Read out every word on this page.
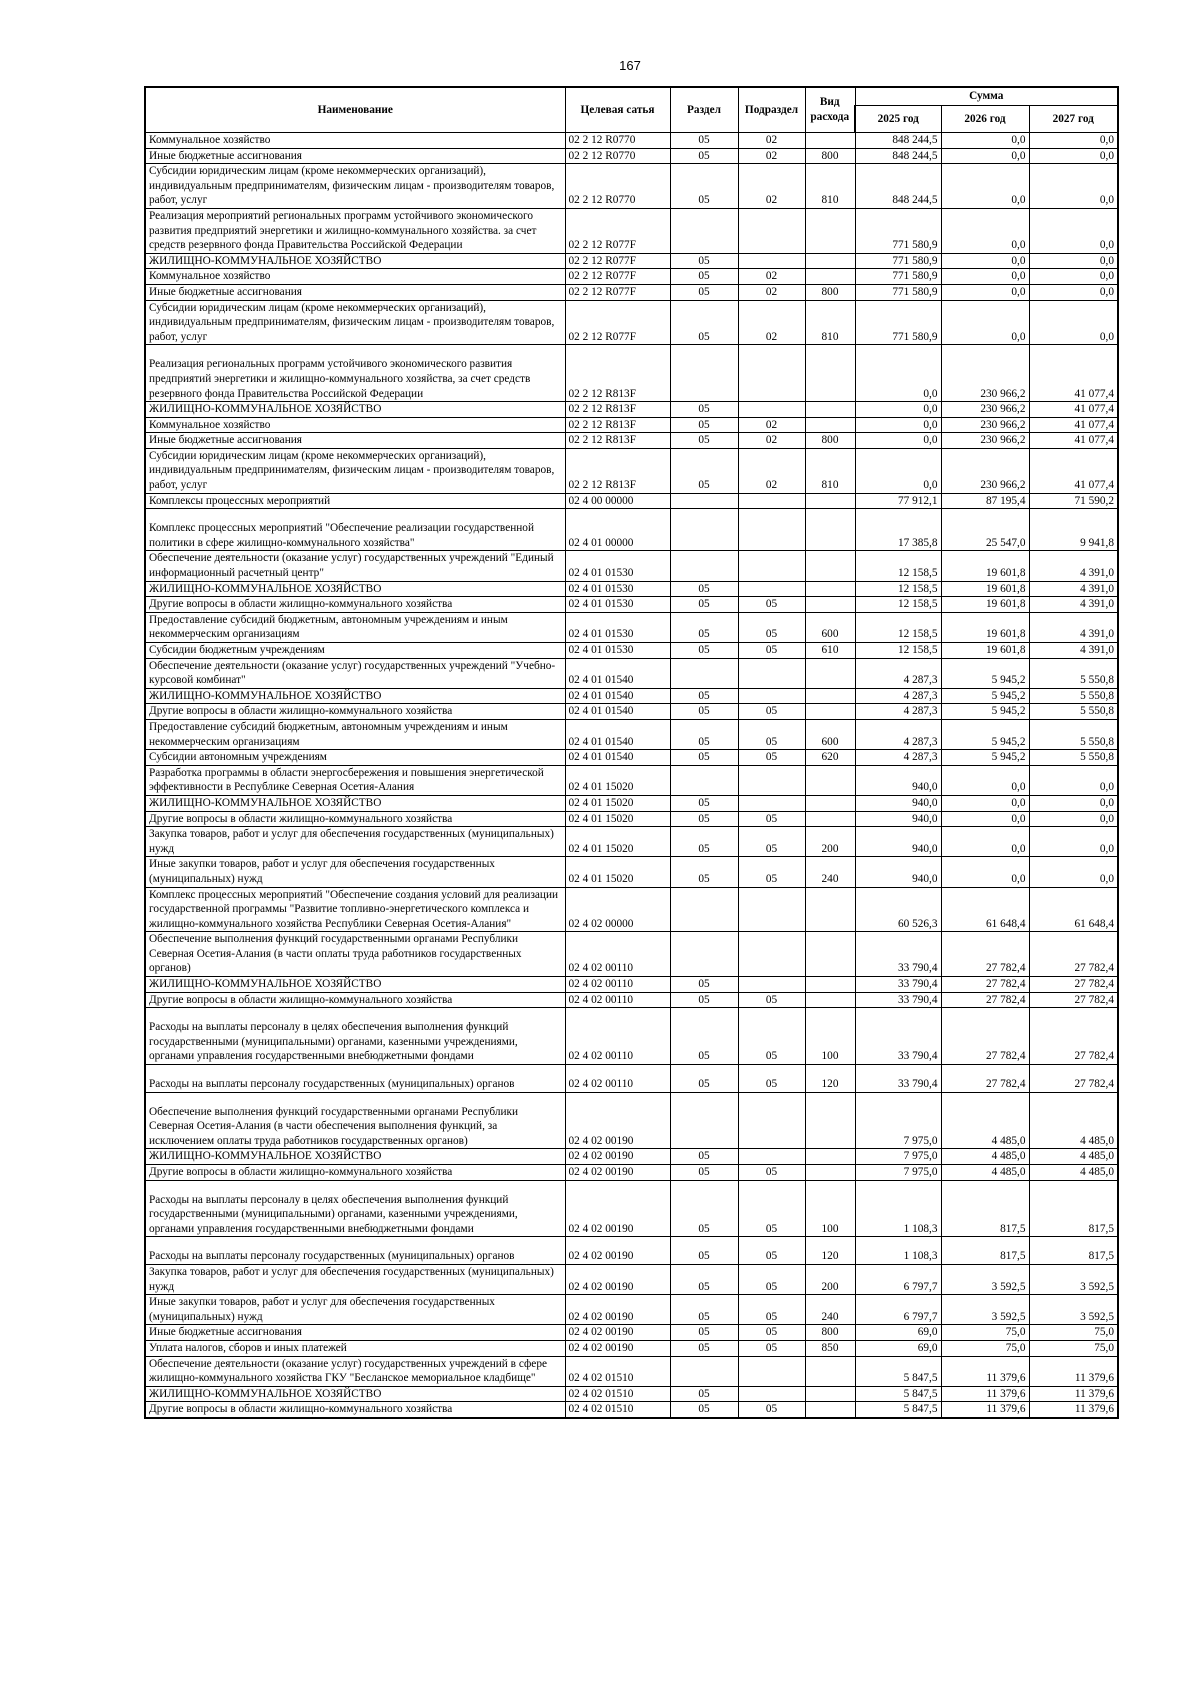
167
Наименование	Целевая сатья	Раздел	Подраздел	Вид расхода	Сумма		
					2025 год	2026 год	2027 год
Коммунальное хозяйство	02 2 12 R0770	05	02		848 244,5	0,0	0,0
Иные бюджетные ассигнования	02 2 12 R0770	05	02	800	848 244,5	0,0	0,0
Субсидии юридическим лицам (кроме некоммерческих организаций), индивидуальным предпринимателям, физическим лицам - производителям товаров, работ, услуг	02 2 12 R0770	05	02	810	848 244,5	0,0	0,0
Реализация мероприятий региональных программ устойчивого экономического развития предприятий энергетики и жилищно-коммунального хозяйства. за счет средств резервного фонда Правительства Российской Федерации	02 2 12 R077F				771 580,9	0,0	0,0
ЖИЛИЩНО-КОММУНАЛЬНОЕ ХОЗЯЙСТВО	02 2 12 R077F	05			771 580,9	0,0	0,0
Коммунальное хозяйство	02 2 12 R077F	05	02		771 580,9	0,0	0,0
Иные бюджетные ассигнования	02 2 12 R077F	05	02	800	771 580,9	0,0	0,0
Субсидии юридическим лицам (кроме некоммерческих организаций), индивидуальным предпринимателям, физическим лицам - производителям товаров, работ, услуг	02 2 12 R077F	05	02	810	771 580,9	0,0	0,0
Реализация региональных программ устойчивого экономического развития предприятий энергетики и жилищно-коммунального хозяйства, за счет средств резервного фонда Правительства Российской Федерации	02 2 12 R813F				0,0	230 966,2	41 077,4
ЖИЛИЩНО-КОММУНАЛЬНОЕ ХОЗЯЙСТВО	02 2 12 R813F	05			0,0	230 966,2	41 077,4
Коммунальное хозяйство	02 2 12 R813F	05	02		0,0	230 966,2	41 077,4
Иные бюджетные ассигнования	02 2 12 R813F	05	02	800	0,0	230 966,2	41 077,4
Субсидии юридическим лицам (кроме некоммерческих организаций), индивидуальным предпринимателям, физическим лицам - производителям товаров, работ, услуг	02 2 12 R813F	05	02	810	0,0	230 966,2	41 077,4
Комплексы процессных мероприятий	02 4 00 00000				77 912,1	87 195,4	71 590,2
Комплекс процессных мероприятий "Обеспечение реализации государственной политики в сфере жилищно-коммунального хозяйства"	02 4 01 00000				17 385,8	25 547,0	9 941,8
Обеспечение деятельности (оказание услуг) государственных учреждений "Единый информационный расчетный центр"	02 4 01 01530				12 158,5	19 601,8	4 391,0
ЖИЛИЩНО-КОММУНАЛЬНОЕ ХОЗЯЙСТВО	02 4 01 01530	05			12 158,5	19 601,8	4 391,0
Другие вопросы в области жилищно-коммунального хозяйства	02 4 01 01530	05	05		12 158,5	19 601,8	4 391,0
Предоставление субсидий бюджетным, автономным учреждениям и иным некоммерческим организациям	02 4 01 01530	05	05	600	12 158,5	19 601,8	4 391,0
Субсидии бюджетным учреждениям	02 4 01 01530	05	05	610	12 158,5	19 601,8	4 391,0
Обеспечение деятельности (оказание услуг) государственных учреждений "Учебно-курсовой комбинат"	02 4 01 01540				4 287,3	5 945,2	5 550,8
ЖИЛИЩНО-КОММУНАЛЬНОЕ ХОЗЯЙСТВО	02 4 01 01540	05			4 287,3	5 945,2	5 550,8
Другие вопросы в области жилищно-коммунального хозяйства	02 4 01 01540	05	05		4 287,3	5 945,2	5 550,8
Предоставление субсидий бюджетным, автономным учреждениям и иным некоммерческим организациям	02 4 01 01540	05	05	600	4 287,3	5 945,2	5 550,8
Субсидии автономным учреждениям	02 4 01 01540	05	05	620	4 287,3	5 945,2	5 550,8
Разработка программы в области энергосбережения и повышения энергетической эффективности в Республике Северная Осетия-Алания	02 4 01 15020				940,0	0,0	0,0
ЖИЛИЩНО-КОММУНАЛЬНОЕ ХОЗЯЙСТВО	02 4 01 15020	05			940,0	0,0	0,0
Другие вопросы в области жилищно-коммунального хозяйства	02 4 01 15020	05	05		940,0	0,0	0,0
Закупка товаров, работ и услуг для обеспечения государственных (муниципальных) нужд	02 4 01 15020	05	05	200	940,0	0,0	0,0
Иные закупки товаров, работ и услуг для обеспечения государственных (муниципальных) нужд	02 4 01 15020	05	05	240	940,0	0,0	0,0
Комплекс процессных мероприятий "Обеспечение создания условий для реализации государственной программы "Развитие топливно-энергетического комплекса и жилищно-коммунального хозяйства Республики Северная Осетия-Алания"	02 4 02 00000				60 526,3	61 648,4	61 648,4
Обеспечение выполнения функций государственными органами Республики Северная Осетия-Алания (в части оплаты труда работников государственных органов)	02 4 02 00110				33 790,4	27 782,4	27 782,4
ЖИЛИЩНО-КОММУНАЛЬНОЕ ХОЗЯЙСТВО	02 4 02 00110	05			33 790,4	27 782,4	27 782,4
Другие вопросы в области жилищно-коммунального хозяйства	02 4 02 00110	05	05		33 790,4	27 782,4	27 782,4
Расходы на выплаты персоналу в целях обеспечения выполнения функций государственными (муниципальными) органами, казенными учреждениями, органами управления государственными внебюджетными фондами	02 4 02 00110	05	05	100	33 790,4	27 782,4	27 782,4
Расходы на выплаты персоналу государственных (муниципальных) органов	02 4 02 00110	05	05	120	33 790,4	27 782,4	27 782,4
Обеспечение выполнения функций государственными органами Республики Северная Осетия-Алания (в части обеспечения выполнения функций, за исключением оплаты труда работников государственных органов)	02 4 02 00190				7 975,0	4 485,0	4 485,0
ЖИЛИЩНО-КОММУНАЛЬНОЕ ХОЗЯЙСТВО	02 4 02 00190	05			7 975,0	4 485,0	4 485,0
Другие вопросы в области жилищно-коммунального хозяйства	02 4 02 00190	05	05		7 975,0	4 485,0	4 485,0
Расходы на выплаты персоналу в целях обеспечения выполнения функций государственными (муниципальными) органами, казенными учреждениями, органами управления государственными внебюджетными фондами	02 4 02 00190	05	05	100	1 108,3	817,5	817,5
Расходы на выплаты персоналу государственных (муниципальных) органов	02 4 02 00190	05	05	120	1 108,3	817,5	817,5
Закупка товаров, работ и услуг для обеспечения государственных (муниципальных) нужд	02 4 02 00190	05	05	200	6 797,7	3 592,5	3 592,5
Иные закупки товаров, работ и услуг для обеспечения государственных (муниципальных) нужд	02 4 02 00190	05	05	240	6 797,7	3 592,5	3 592,5
Иные бюджетные ассигнования	02 4 02 00190	05	05	800	69,0	75,0	75,0
Уплата налогов, сборов и иных платежей	02 4 02 00190	05	05	850	69,0	75,0	75,0
Обеспечение деятельности (оказание услуг) государственных учреждений в сфере жилищно-коммунального хозяйства ГКУ "Бесланское мемориальное кладбище"	02 4 02 01510				5 847,5	11 379,6	11 379,6
ЖИЛИЩНО-КОММУНАЛЬНОЕ ХОЗЯЙСТВО	02 4 02 01510	05			5 847,5	11 379,6	11 379,6
Другие вопросы в области жилищно-коммунального хозяйства	02 4 02 01510	05	05		5 847,5	11 379,6	11 379,6
